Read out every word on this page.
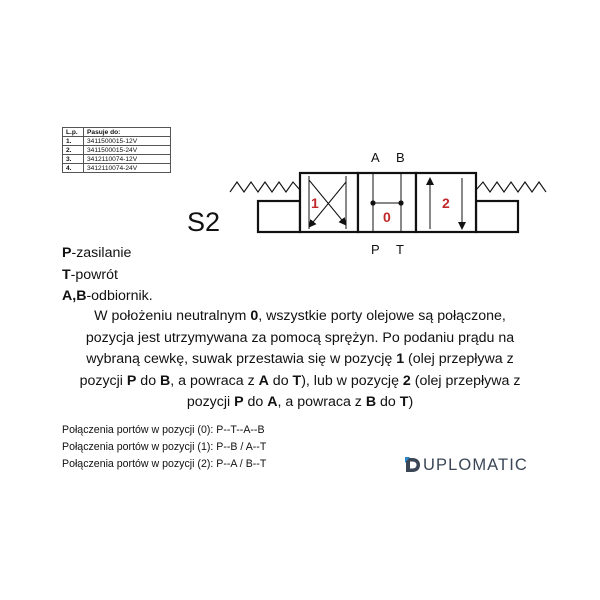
L.p.	Pasuje do:
1.	3411500015-12V
2.	3411500015-24V
3.	3412110074-12V
4.	3412110074-24V
S2
1
0
2
A B
P T
P-zasilanie
T-powrót
A,B-odbiornik.

W położeniu neutralnym 0, wszystkie porty olejowe są połączone,

pozycja jest utrzymywana za pomocą sprężyn. Po podaniu prądu na

wybraną cewkę, suwak przestawia się w pozycję 1 (olej przepływa z

pozycji P do B, a powraca z A do T), lub w pozycję 2 (olej przepływa z

pozycji P do A, a powraca z B do T)

Połączenia portów w pozycji (0): P--T--A--B
Połączenia portów w pozycji (1): P--B / A--T
Połączenia portów w pozycji (2): P--A / B--T	UPLOMATIC
